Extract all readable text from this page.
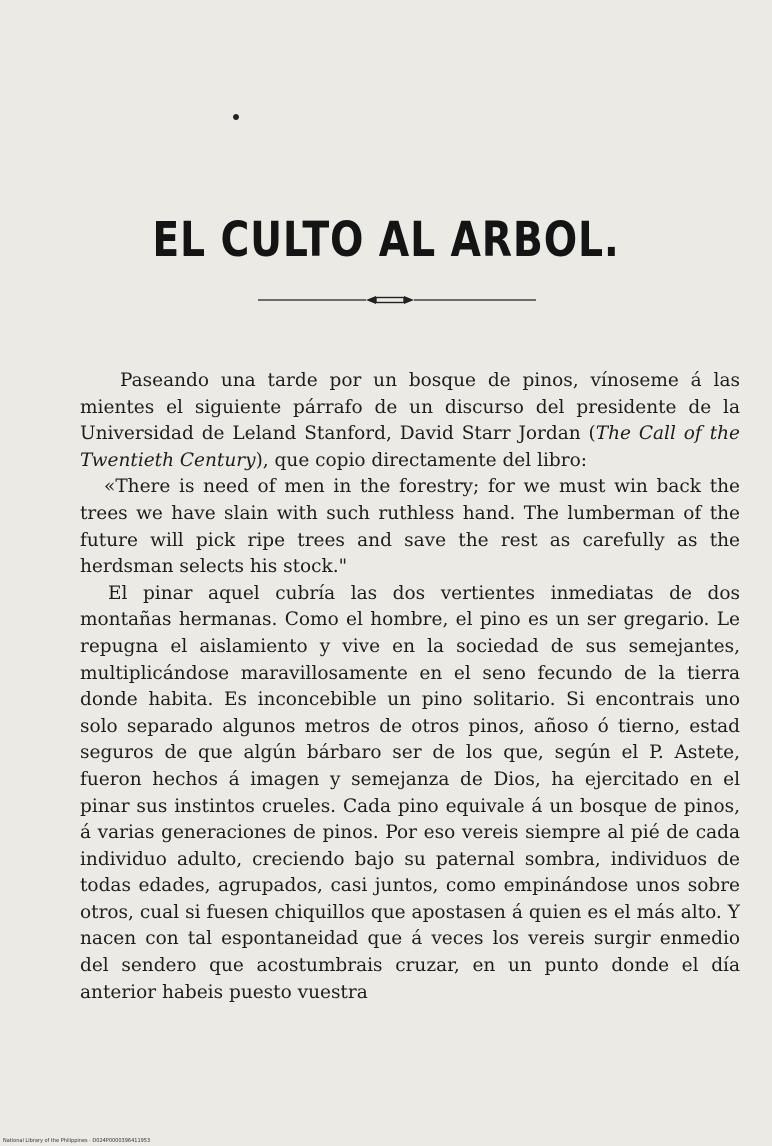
EL CULTO AL ARBOL.

Paseando una tarde por un bosque de pinos, vínoseme á las mientes el siguiente párrafo de un discurso del presidente de la Universidad de Leland Stanford, David Starr Jordan (The Call of the Twentieth Century), que copio directamente del libro:

«There is need of men in the forestry; for we must win back the trees we have slain with such ruthless hand. The lumberman of the future will pick ripe trees and save the rest as carefully as the herdsman selects his stock."

El pinar aquel cubría las dos vertientes inmediatas de dos montañas hermanas. Como el hombre, el pino es un ser gregario. Le repugna el aislamiento y vive en la sociedad de sus semejantes, multiplicándose maravillosamente en el seno fecundo de la tierra donde habita. Es inconcebible un pino solitario. Si encontrais uno solo separado algunos metros de otros pinos, añoso ó tierno, estad seguros de que algún bárbaro ser de los que, según el P. Astete, fueron hechos á imagen y semejanza de Dios, ha ejercitado en el pinar sus instintos crueles. Cada pino equivale á un bosque de pinos, á varias generaciones de pinos. Por eso vereis siempre al pié de cada individuo adulto, creciendo bajo su paternal sombra, individuos de todas edades, agrupados, casi juntos, como empinándose unos sobre otros, cual si fuesen chiquillos que apostasen á quien es el más alto. Y nacen con tal espontaneidad que á veces los vereis surgir enmedio del sendero que acostumbrais cruzar, en un punto donde el día anterior habeis puesto vuestra

National Library of the Philippines · D024P0000396411953
